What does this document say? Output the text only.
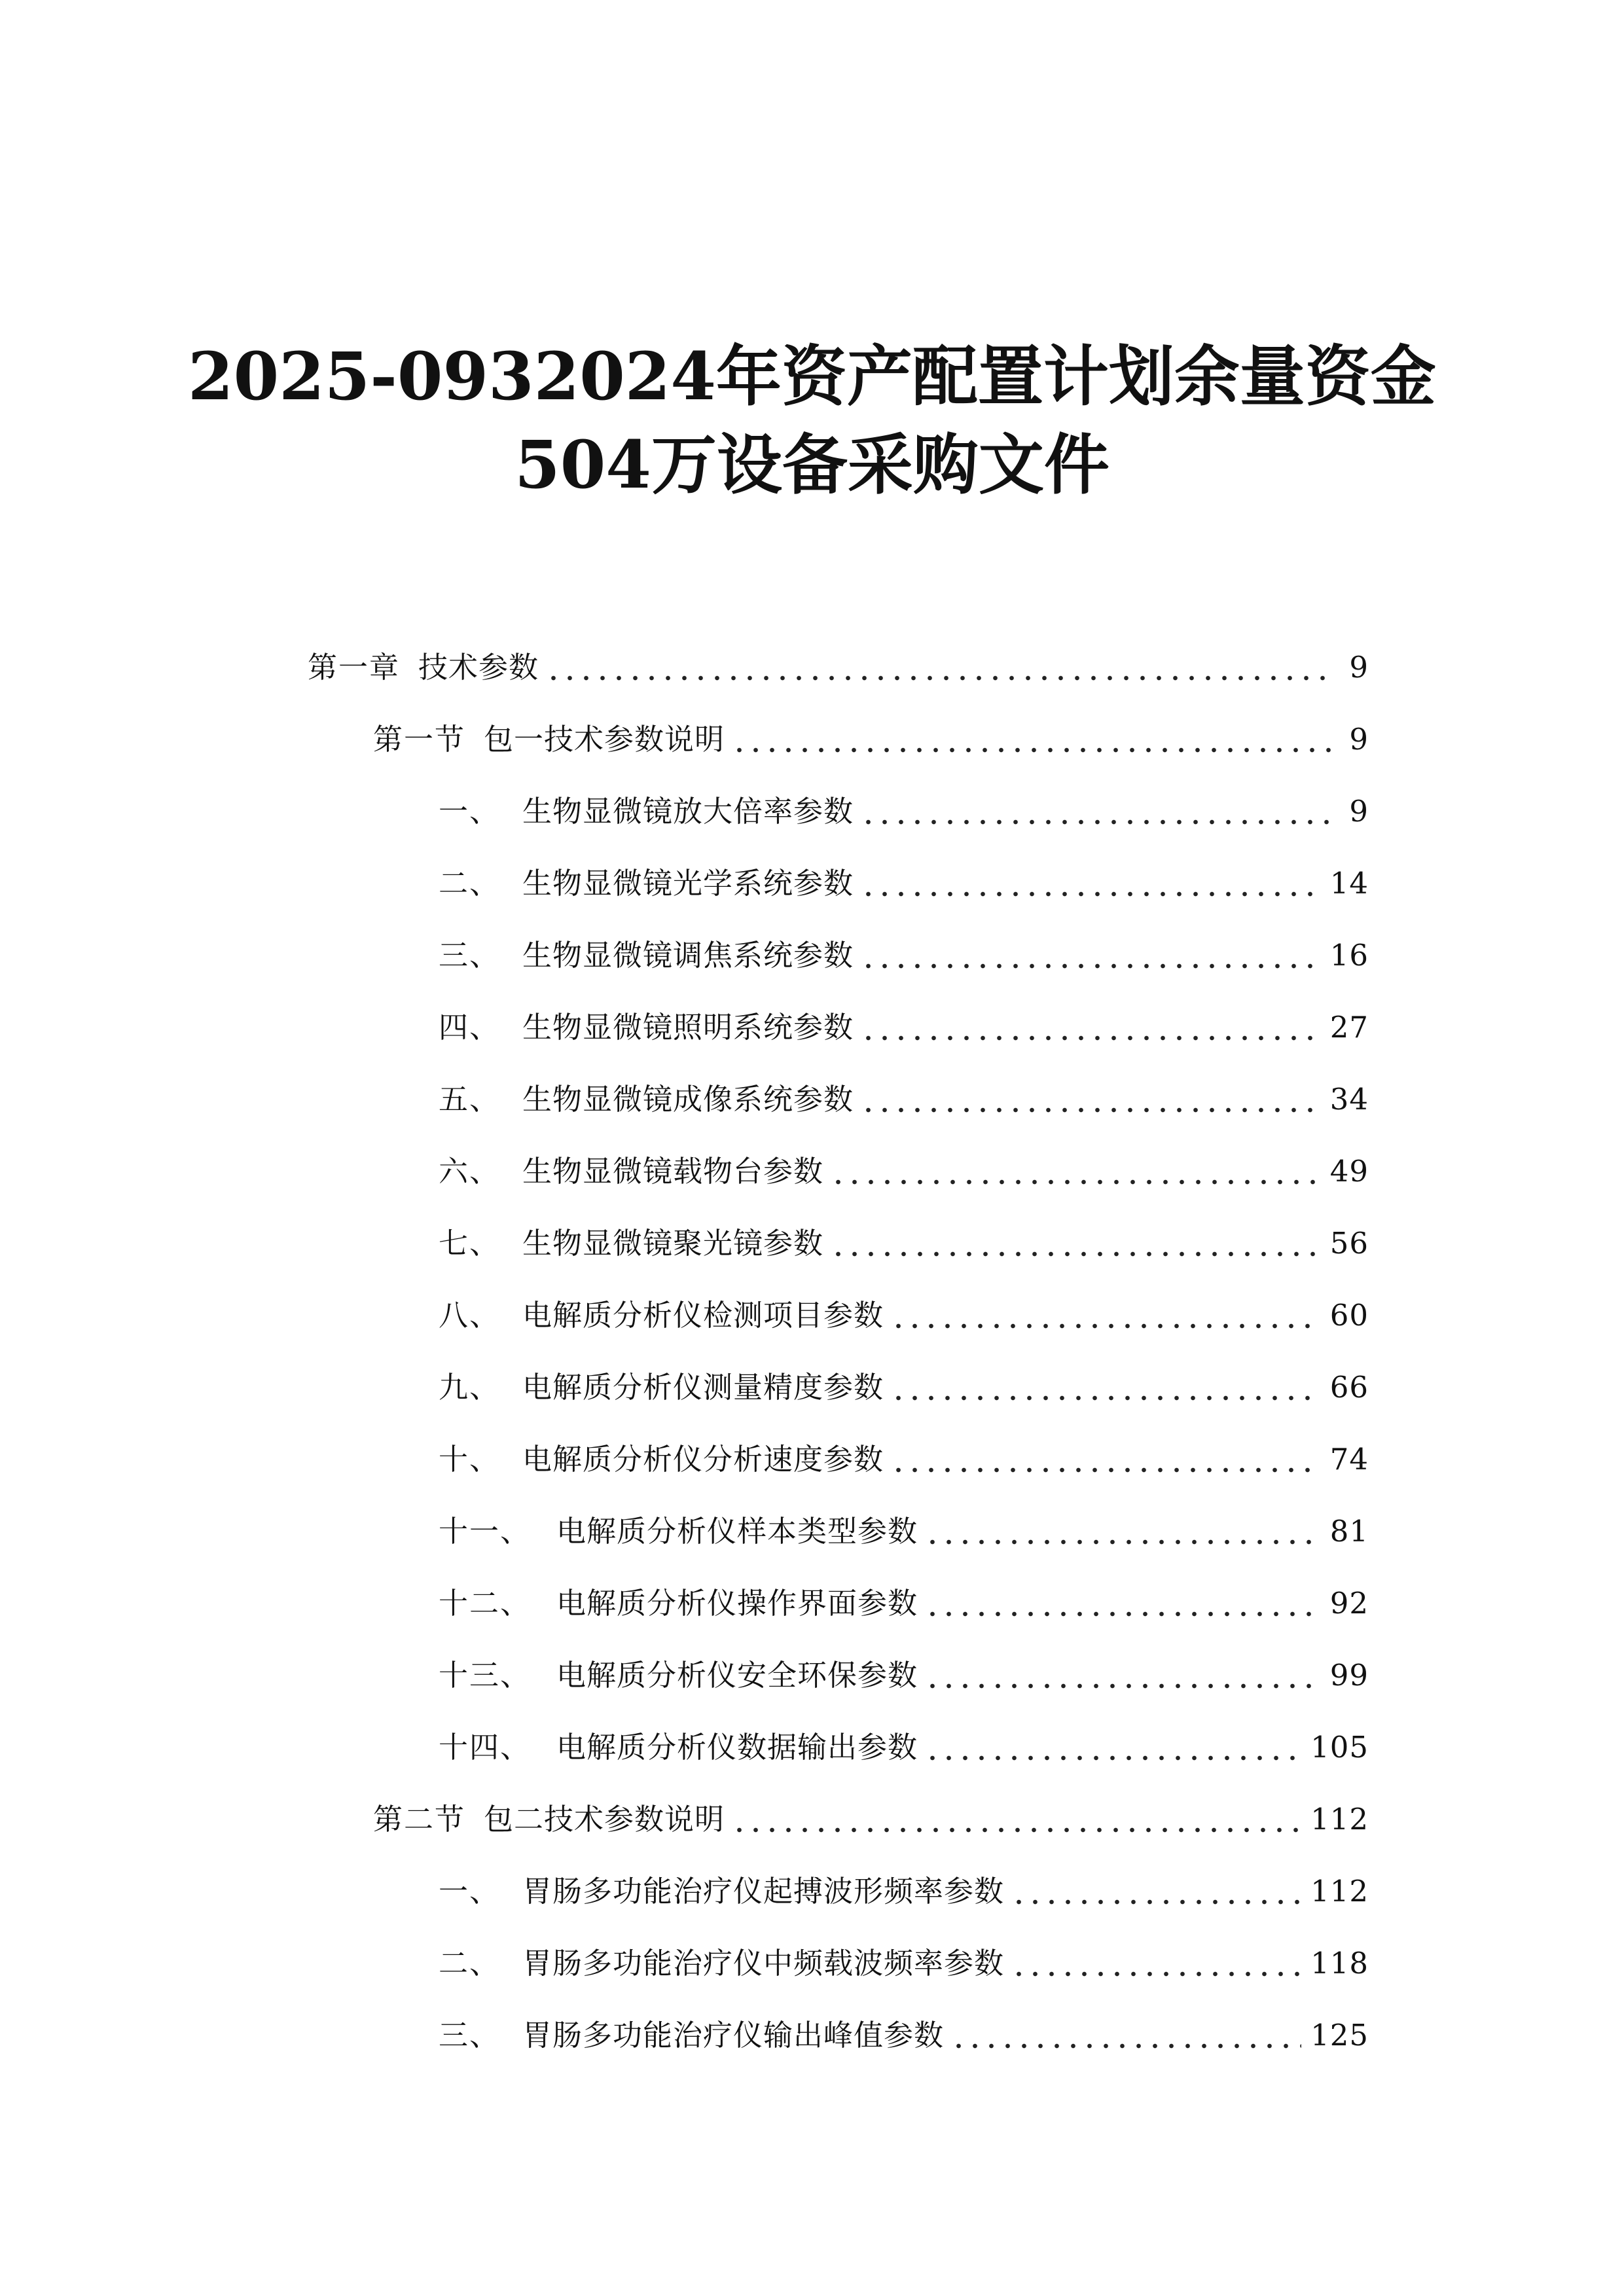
2025-0932024年资产配置计划余量资金
504万设备采购文件
第一章 技术参数	9
第一节 包一技术参数说明	9
一、 生物显微镜放大倍率参数	9
二、 生物显微镜光学系统参数	14
三、 生物显微镜调焦系统参数	16
四、 生物显微镜照明系统参数	27
五、 生物显微镜成像系统参数	34
六、 生物显微镜载物台参数	49
七、 生物显微镜聚光镜参数	56
八、 电解质分析仪检测项目参数	60
九、 电解质分析仪测量精度参数	66
十、 电解质分析仪分析速度参数	74
十一、 电解质分析仪样本类型参数	81
十二、 电解质分析仪操作界面参数	92
十三、 电解质分析仪安全环保参数	99
十四、 电解质分析仪数据输出参数	105
第二节 包二技术参数说明	112
一、 胃肠多功能治疗仪起搏波形频率参数	112
二、 胃肠多功能治疗仪中频载波频率参数	118
三、 胃肠多功能治疗仪输出峰值参数	125
